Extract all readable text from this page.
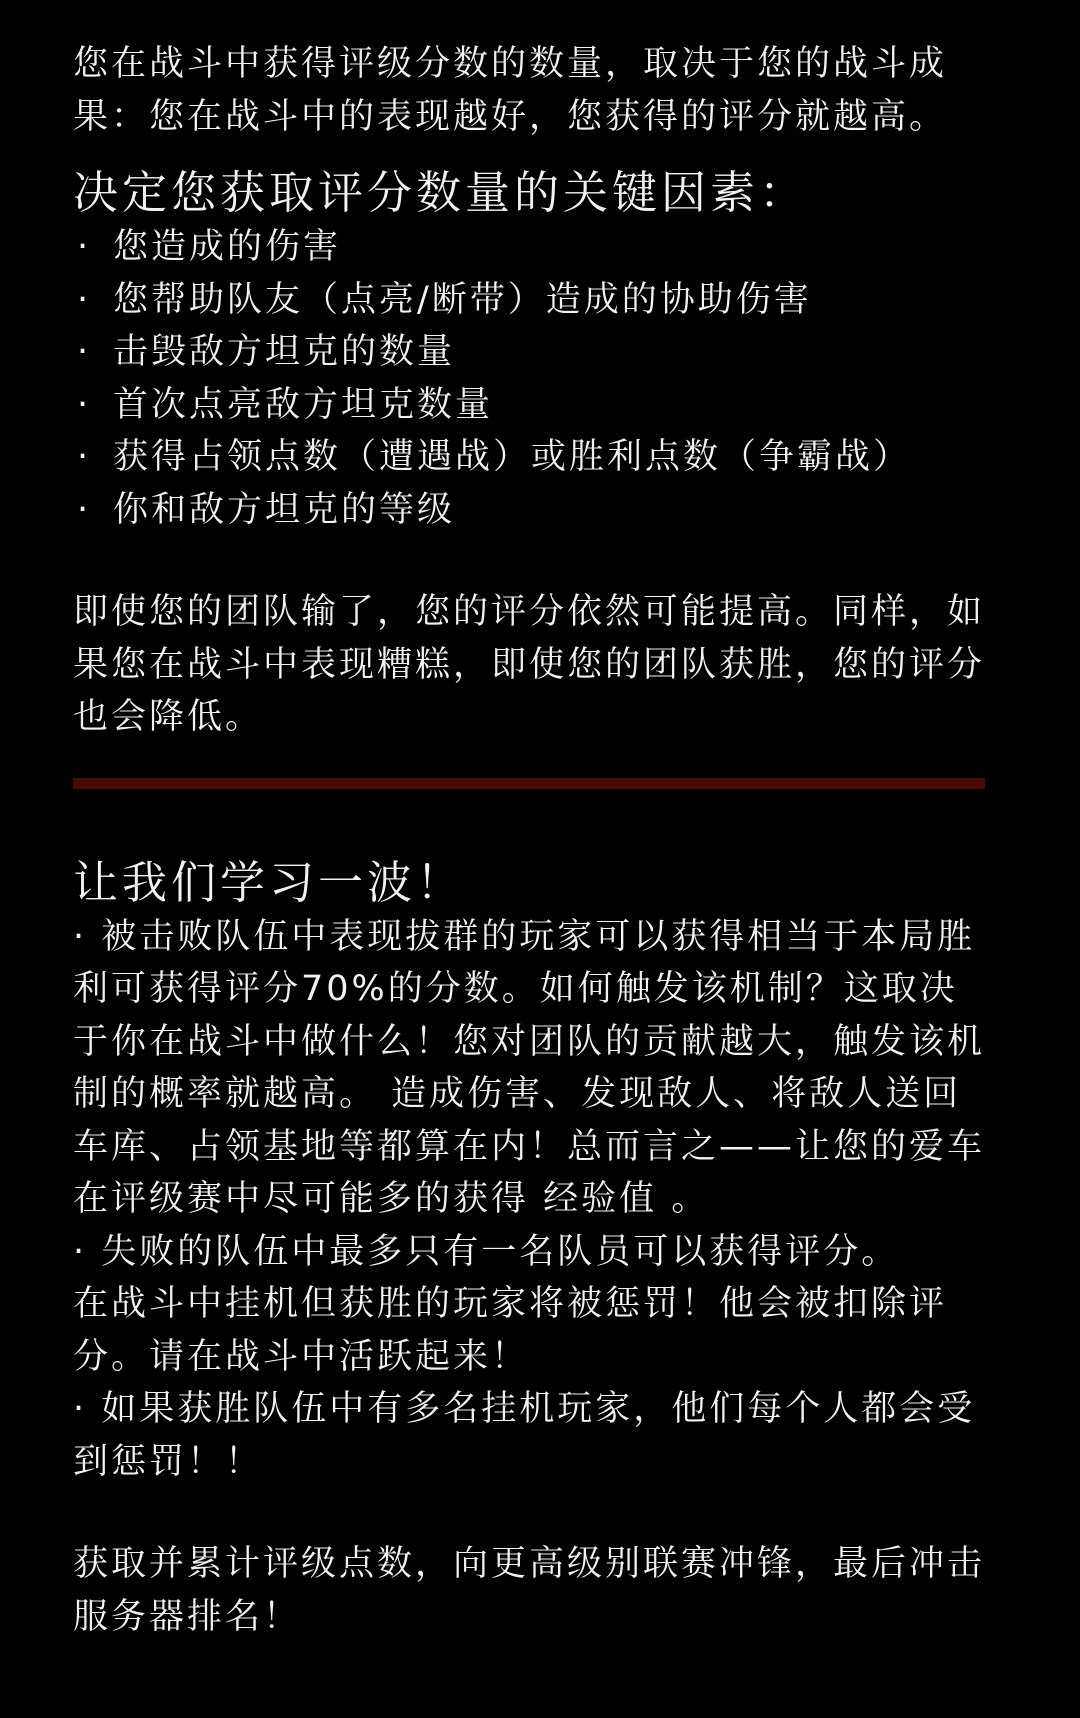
您在战斗中获得评级分数的数量，取决于您的战斗成果：您在战斗中的表现越好，您获得的评分就越高。

决定您获取评分数量的关键因素：
· 您造成的伤害
· 您帮助队友（点亮/断带）造成的协助伤害
· 击毁敌方坦克的数量
· 首次点亮敌方坦克数量
· 获得占领点数（遭遇战）或胜利点数（争霸战）
· 你和敌方坦克的等级

即使您的团队输了，您的评分依然可能提高。同样，如果您在战斗中表现糟糕，即使您的团队获胜，您的评分也会降低。

让我们学习一波！

· 被击败队伍中表现拔群的玩家可以获得相当于本局胜利可获得评分70%的分数。如何触发该机制？这取决于你在战斗中做什么！您对团队的贡献越大，触发该机制的概率就越高。 造成伤害、发现敌人、将敌人送回车库、占领基地等都算在内！总而言之——让您的爱车在评级赛中尽可能多的获得 经验值 。

· 失败的队伍中最多只有一名队员可以获得评分。

在战斗中挂机但获胜的玩家将被惩罚！他会被扣除评分。请在战斗中活跃起来！

· 如果获胜队伍中有多名挂机玩家，他们每个人都会受到惩罚！！

获取并累计评级点数，向更高级别联赛冲锋，最后冲击服务器排名！
